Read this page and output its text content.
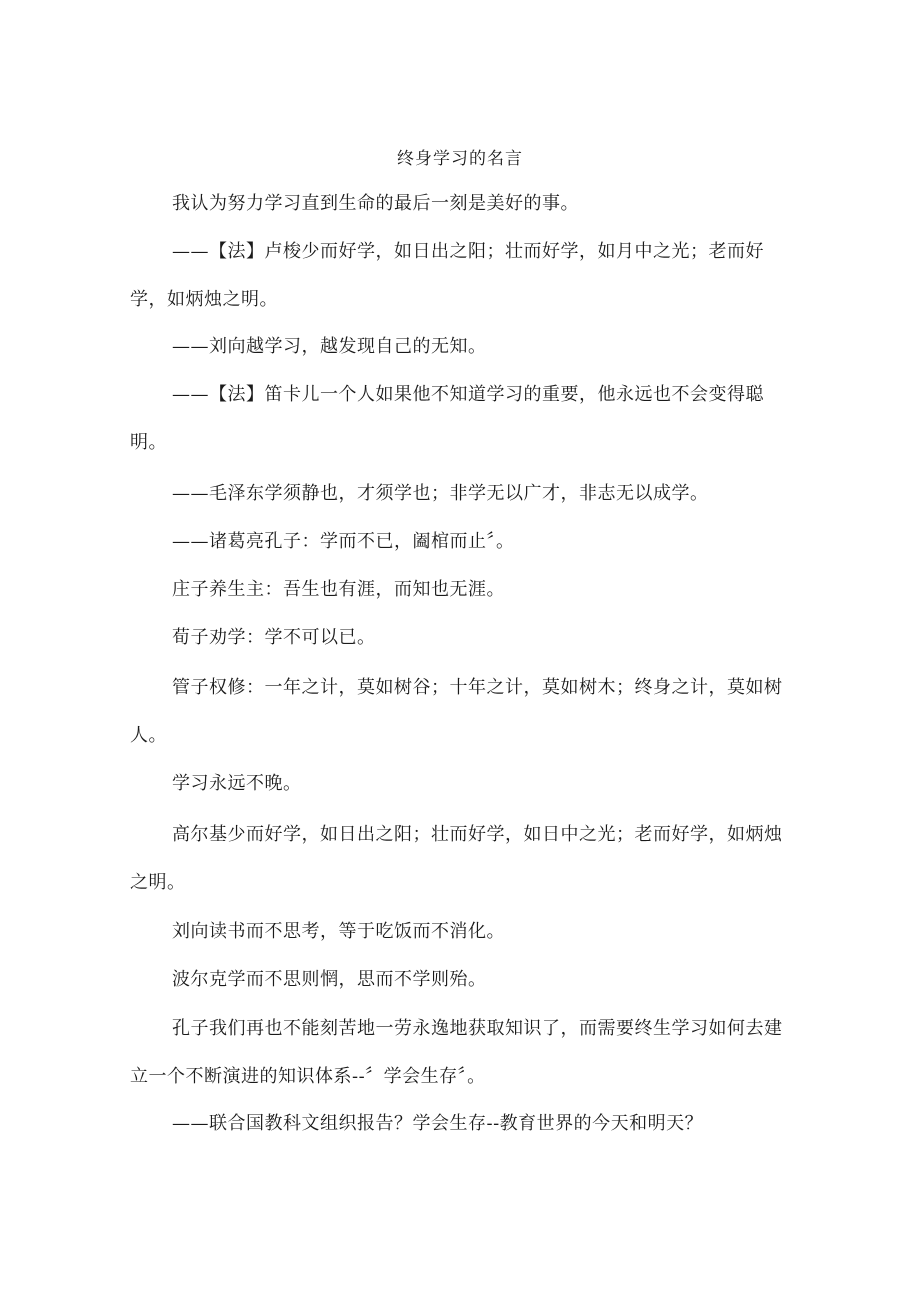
终身学习的名言

我认为努力学习直到生命的最后一刻是美好的事。

——【法】卢梭少而好学，如日出之阳；壮而好学，如月中之光；老而好学，如炳烛之明。

——刘向越学习，越发现自己的无知。

——【法】笛卡儿一个人如果他不知道学习的重要，他永远也不会变得聪明。

——毛泽东学须静也，才须学也；非学无以广才，非志无以成学。

——诸葛亮孔子：学而不已，阖棺而止〞。

庄子养生主：吾生也有涯，而知也无涯。

荀子劝学：学不可以已。

管子权修：一年之计，莫如树谷；十年之计，莫如树木；终身之计，莫如树人。

学习永远不晚。

高尔基少而好学，如日出之阳；壮而好学，如日中之光；老而好学，如炳烛之明。

刘向读书而不思考，等于吃饭而不消化。

波尔克学而不思则惘，思而不学则殆。

孔子我们再也不能刻苦地一劳永逸地获取知识了，而需要终生学习如何去建立一个不断演进的知识体系--〞学会生存〞。

——联合国教科文组织报告？学会生存--教育世界的今天和明天？
